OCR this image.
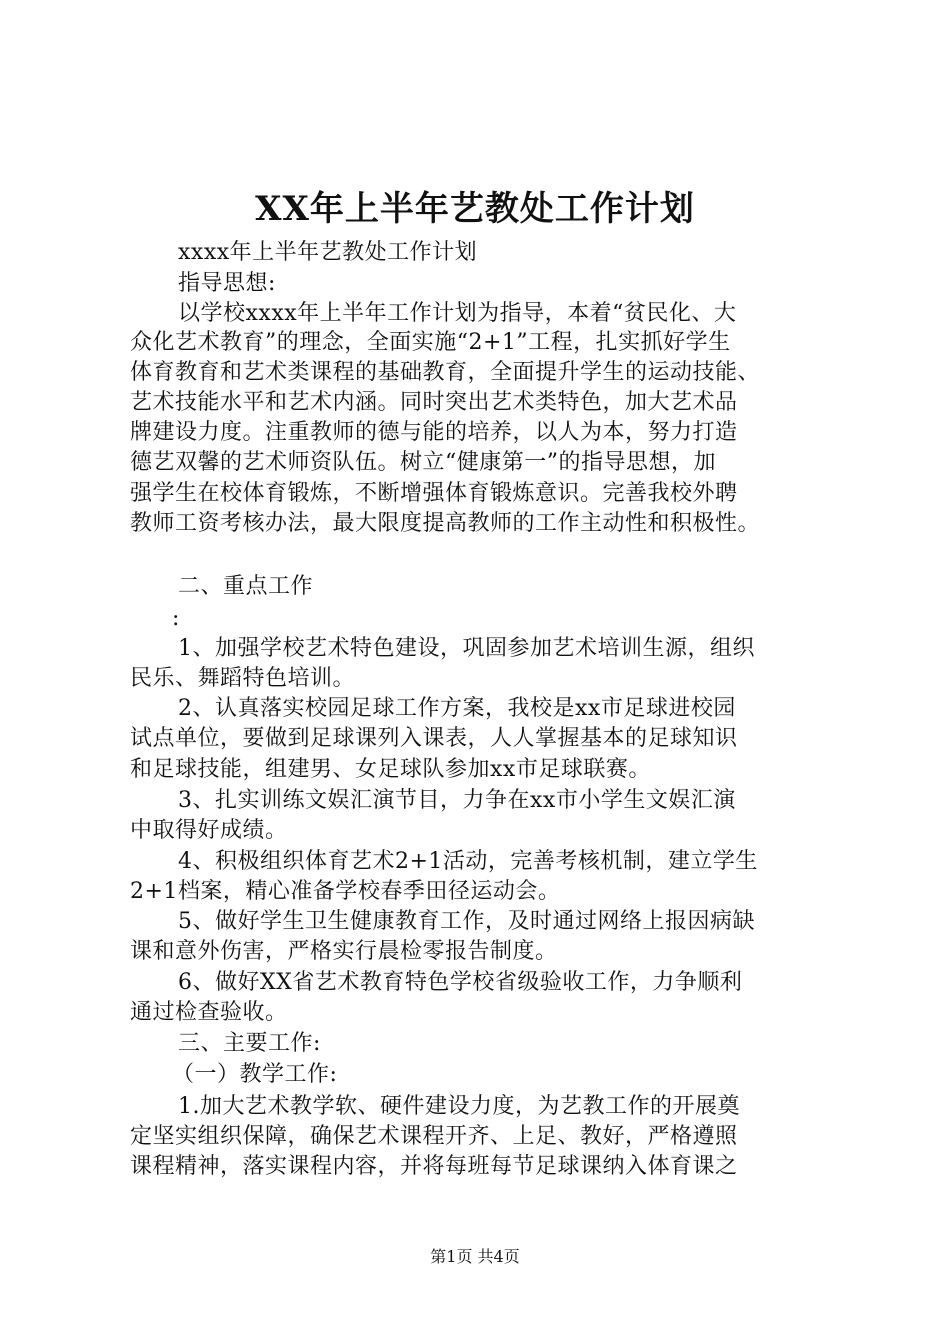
XX年上半年艺教处工作计划
xxxx年上半年艺教处工作计划
指导思想:
以学校xxxx年上半年工作计划为指导，本着“贫民化、大
众化艺术教育”的理念，全面实施“2+1”工程，扎实抓好学生
体育教育和艺术类课程的基础教育，全面提升学生的运动技能、
艺术技能水平和艺术内涵。同时突出艺术类特色，加大艺术品
牌建设力度。注重教师的德与能的培养，以人为本，努力打造
德艺双馨的艺术师资队伍。树立“健康第一”的指导思想，加
强学生在校体育锻炼，不断增强体育锻炼意识。完善我校外聘
教师工资考核办法，最大限度提高教师的工作主动性和积极性。
二、重点工作
:
1、加强学校艺术特色建设，巩固参加艺术培训生源，组织
民乐、舞蹈特色培训。
2、认真落实校园足球工作方案，我校是xx市足球进校园
试点单位，要做到足球课列入课表，人人掌握基本的足球知识
和足球技能，组建男、女足球队参加xx市足球联赛。
3、扎实训练文娱汇演节目，力争在xx市小学生文娱汇演
中取得好成绩。
4、积极组织体育艺术2+1活动，完善考核机制，建立学生
2+1档案，精心准备学校春季田径运动会。
5、做好学生卫生健康教育工作，及时通过网络上报因病缺
课和意外伤害，严格实行晨检零报告制度。
6、做好XX省艺术教育特色学校省级验收工作，力争顺利
通过检查验收。
三、主要工作:
（一）教学工作:
1.加大艺术教学软、硬件建设力度，为艺教工作的开展奠
定坚实组织保障，确保艺术课程开齐、上足、教好，严格遵照
课程精神，落实课程内容，并将每班每节足球课纳入体育课之
第1页 共4页
